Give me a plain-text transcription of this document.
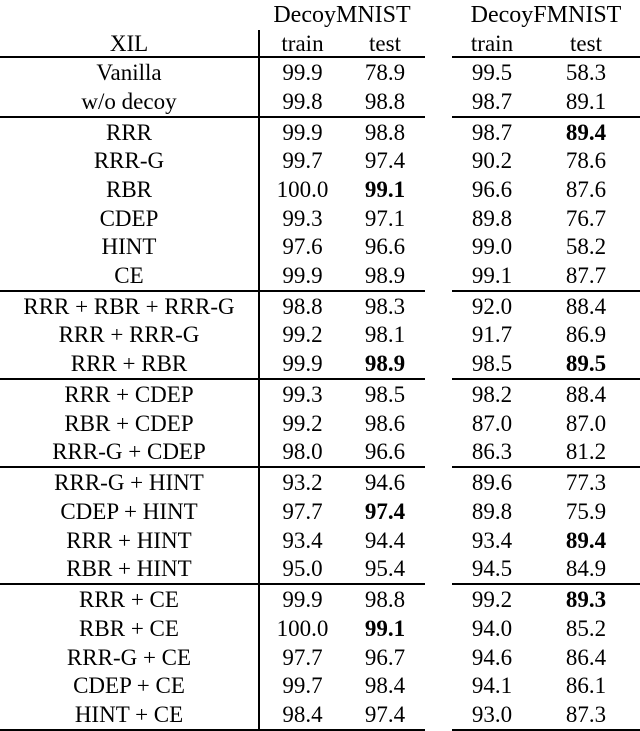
	DecoyMNIST			DecoyFMNIST	
XIL	train	test		train	test
Vanilla	99.9	78.9		99.5	58.3
w/o decoy	99.8	98.8		98.7	89.1
RRR	99.9	98.8		98.7	89.4
RRR-G	99.7	97.4		90.2	78.6
RBR	100.0	99.1		96.6	87.6
CDEP	99.3	97.1		89.8	76.7
HINT	97.6	96.6		99.0	58.2
CE	99.9	98.9		99.1	87.7
RRR + RBR + RRR-G	98.8	98.3		92.0	88.4
RRR + RRR-G	99.2	98.1		91.7	86.9
RRR + RBR	99.9	98.9		98.5	89.5
RRR + CDEP	99.3	98.5		98.2	88.4
RBR + CDEP	99.2	98.6		87.0	87.0
RRR-G + CDEP	98.0	96.6		86.3	81.2
RRR-G + HINT	93.2	94.6		89.6	77.3
CDEP + HINT	97.7	97.4		89.8	75.9
RRR + HINT	93.4	94.4		93.4	89.4
RBR + HINT	95.0	95.4		94.5	84.9
RRR + CE	99.9	98.8		99.2	89.3
RBR + CE	100.0	99.1		94.0	85.2
RRR-G + CE	97.7	96.7		94.6	86.4
CDEP + CE	99.7	98.4		94.1	86.1
HINT + CE	98.4	97.4		93.0	87.3
